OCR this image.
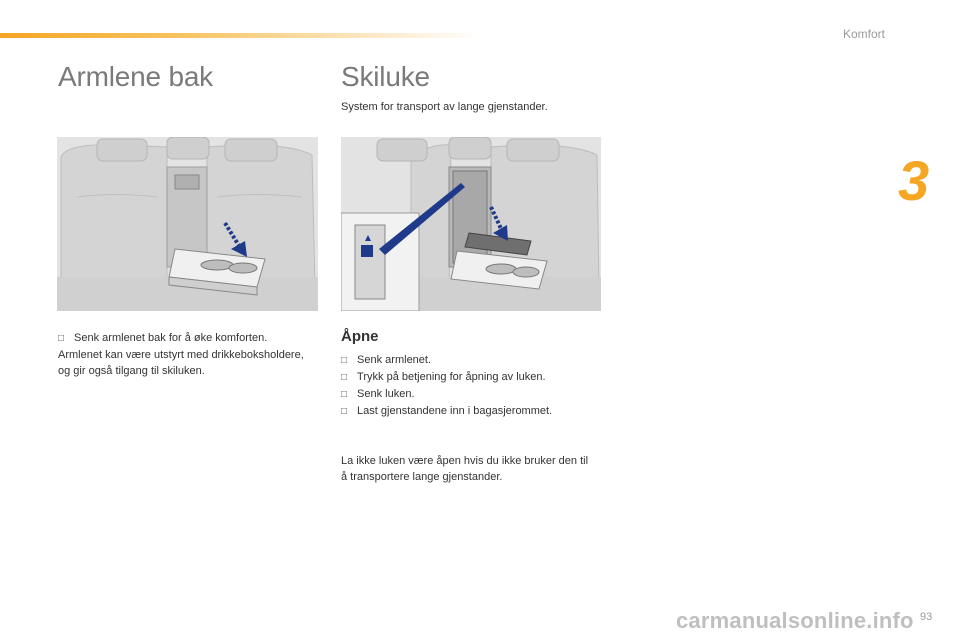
Komfort
3
Armlene bak	Skiluke
System for transport av lange gjenstander.
□ Senk armlenet bak for å øke komforten.
Armlenet kan være utstyrt med drikkeboksholdere, og gir også tilgang til skiluken.
Åpne
□ Senk armlenet.
□ Trykk på betjening for åpning av luken.
□ Senk luken.
□ Last gjenstandene inn i bagasjerommet.
La ikke luken være åpen hvis du ikke bruker den til å transportere lange gjenstander.
93
carmanualsonline.info
